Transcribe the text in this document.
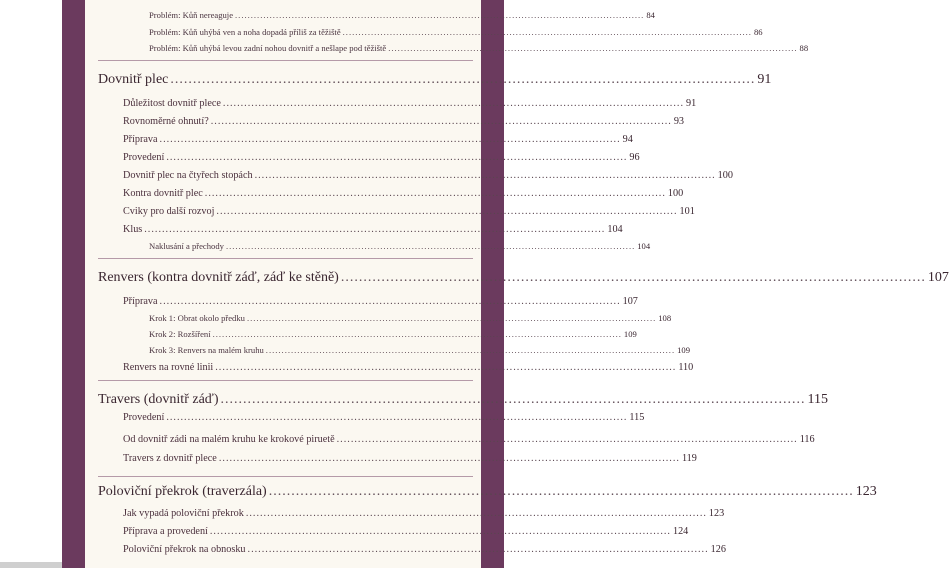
Problém: Kůň nereaguje .................................................................................................................................. 84
Problém: Kůň uhýbá ven a noha dopadá příliš za těžiště .................................................................................................................................. 86
Problém: Kůň uhýbá levou zadní nohou dovnitř a nešlape pod těžiště .................................................................................................................................. 88
Dovnitř plec .................................................................................................................................. 91
Důležitost dovnitř plece .................................................................................................................................. 91
Rovnoměrné ohnutí? .................................................................................................................................. 93
Příprava .................................................................................................................................. 94
Provedení .................................................................................................................................. 96
Dovnitř plec na čtyřech stopách .................................................................................................................................. 100
Kontra dovnitř plec .................................................................................................................................. 100
Cviky pro další rozvoj .................................................................................................................................. 101
Klus .................................................................................................................................. 104
Naklusání a přechody .................................................................................................................................. 104
Renvers (kontra dovnitř záď, záď ke stěně) .................................................................................................................................. 107
Příprava .................................................................................................................................. 107
Krok 1: Obrat okolo předku .................................................................................................................................. 108
Krok 2: Rozšíření .................................................................................................................................. 109
Krok 3: Renvers na malém kruhu .................................................................................................................................. 109
Renvers na rovné linii .................................................................................................................................. 110
Travers (dovnitř záď) .................................................................................................................................. 115
Provedení .................................................................................................................................. 115
Od dovnitř zádi na malém kruhu ke krokové piruetě .................................................................................................................................. 116
Travers z dovnitř plece .................................................................................................................................. 119
Poloviční překrok (traverzála) .................................................................................................................................. 123
Jak vypadá poloviční překrok .................................................................................................................................. 123
Příprava a provedení .................................................................................................................................. 124
Poloviční překrok na obnosku .................................................................................................................................. 126
